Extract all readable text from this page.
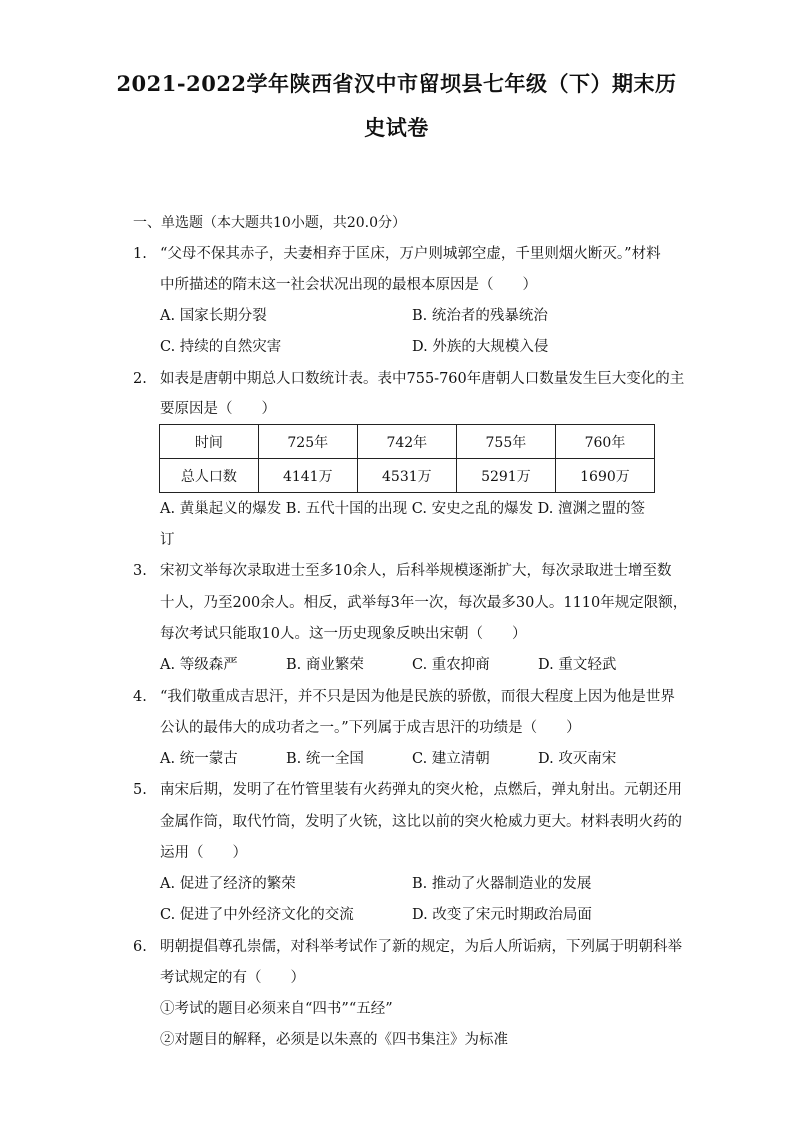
2021-2022学年陕西省汉中市留坝县七年级（下）期末历
史试卷
一、单选题（本大题共10小题，共20.0分）
1. “父母不保其赤子，夫妻相弃于匡床，万户则城郭空虚，千里则烟火断灭。”材料
中所描述的隋末这一社会状况出现的最根本原因是（　　）
A. 国家长期分裂	B. 统治者的残暴统治
C. 持续的自然灾害	D. 外族的大规模入侵
2. 如表是唐朝中期总人口数统计表。表中755-760年唐朝人口数量发生巨大变化的主
要原因是（　　）
时间	725年	742年	755年	760年
总人口数	4141万	4531万	5291万	1690万
A. 黄巢起义的爆发 B. 五代十国的出现 C. 安史之乱的爆发 D. 澶渊之盟的签
订
3. 宋初文举每次录取进士至多10余人，后科举规模逐渐扩大，每次录取进士增至数
十人，乃至200余人。相反，武举每3年一次，每次最多30人。1110年规定限额，
每次考试只能取10人。这一历史现象反映出宋朝（　　）
A. 等级森严	B. 商业繁荣	C. 重农抑商	D. 重文轻武
4. “我们敬重成吉思汗，并不只是因为他是民族的骄傲，而很大程度上因为他是世界
公认的最伟大的成功者之一。”下列属于成吉思汗的功绩是（　　）
A. 统一蒙古	B. 统一全国	C. 建立清朝	D. 攻灭南宋
5. 南宋后期，发明了在竹管里装有火药弹丸的突火枪，点燃后，弹丸射出。元朝还用
金属作筒，取代竹筒，发明了火铳，这比以前的突火枪威力更大。材料表明火药的
运用（　　）
A. 促进了经济的繁荣	B. 推动了火器制造业的发展
C. 促进了中外经济文化的交流	D. 改变了宋元时期政治局面
6. 明朝提倡尊孔崇儒，对科举考试作了新的规定，为后人所诟病，下列属于明朝科举
考试规定的有（　　）
①考试的题目必须来自“四书”“五经”
②对题目的解释，必须是以朱熹的《四书集注》为标准
